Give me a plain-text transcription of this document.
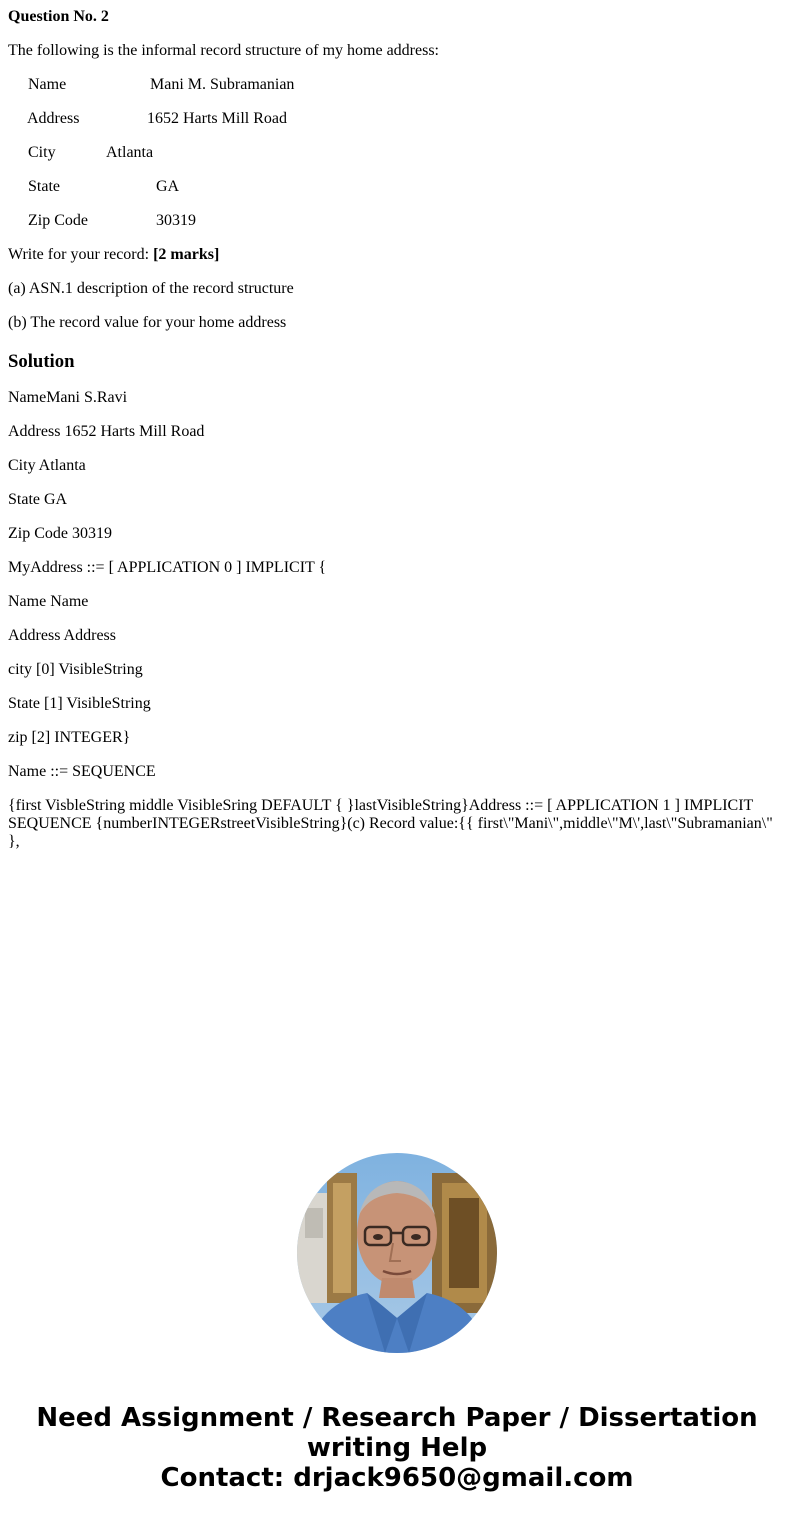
Question No. 2

The following is the informal record structure of my home address:

Name	Mani M. Subramanian
Address	1652 Harts Mill Road
City	Atlanta
State	GA
Zip Code	30319

Write for your record: [2 marks]

(a) ASN.1 description of the record structure

(b) The record value for your home address

Solution

NameMani S.Ravi

Address 1652 Harts Mill Road

City Atlanta

State GA

Zip Code 30319

MyAddress ::= [ APPLICATION 0 ] IMPLICIT {

Name Name

Address Address

city [0] VisibleString

State [1] VisibleString

zip [2] INTEGER}

Name ::= SEQUENCE

{first VisbleString middle VisibleSring DEFAULT { }lastVisibleString}Address ::= [ APPLICATION 1 ] IMPLICIT SEQUENCE {numberINTEGERstreetVisibleString}(c) Record value:{{ first\"Mani\",middle\"M\',last\"Subramanian\" },

Need Assignment / Research Paper / Dissertation
writing Help
Contact: drjack9650@gmail.com
